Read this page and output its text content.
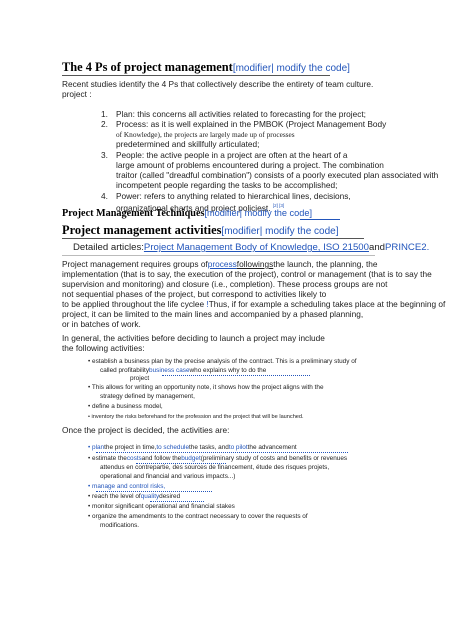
The 4 Ps of project management[modifier| modify the code]
Recent studies identify the 4 Ps that collectively describe the entirety of team culture.
project :
1. Plan: this concerns all activities related to forecasting for the project;
2. Process: as it is well explained in the PMBOK (Project Management Body
of Knowledge), the projects are largely made up of processes
predetermined and skillfully articulated;
3. People: the active people in a project are often at the heart of a
large amount of problems encountered during a project. The combination
traitor (called "dreadful combination") consists of a poorly executed plan associated with
incompetent people regarding the tasks to be accomplished;
4. Power: refers to anything related to hierarchical lines, decisions,
organizational charts and project policiest. [2] [3]
Project Management Techniques[modifier| modify the code]
Project management activities[modifier| modify the code]
Detailed articles:Project Management Body of Knowledge, ISO 21500andPRINCE2.
Project management requires groups ofprocessfollowingsthe launch, the planning, the
implementation (that is to say, the execution of the project), control or management (that is to say the
supervision and monitoring) and closure (i.e., completion). These process groups are not
not sequential phases of the project, but correspond to activities likely to
to be applied throughout the life cyclee !Thus, if for example a scheduling takes place at the beginning of
project, it can be limited to the main lines and accompanied by a phased planning,
or in batches of work.
In general, the activities before deciding to launch a project may include
the following activities:
• establish a business plan by the precise analysis of the contract. This is a preliminary study of
called profitabilitybusiness casewho explains why to do the
project
• This allows for writing an opportunity note, it shows how the project aligns with the
strategy defined by management,
• define a business model,
• inventory the risks beforehand for the profession and the project that will be launched.
Once the project is decided, the activities are:
• planthe project in time,to schedulethe tasks, andto pilotthe advancement
• estimate thecostsand follow thebudget(preliminary study of costs and benefits or revenues
attendus en contrepartie, des sources de financement, étude des risques projets,
operational and financial and various impacts...)
• manage and control risks,
• reach the level ofqualitydesired
• monitor significant operational and financial stakes
• organize the amendments to the contract necessary to cover the requests of
modifications.
